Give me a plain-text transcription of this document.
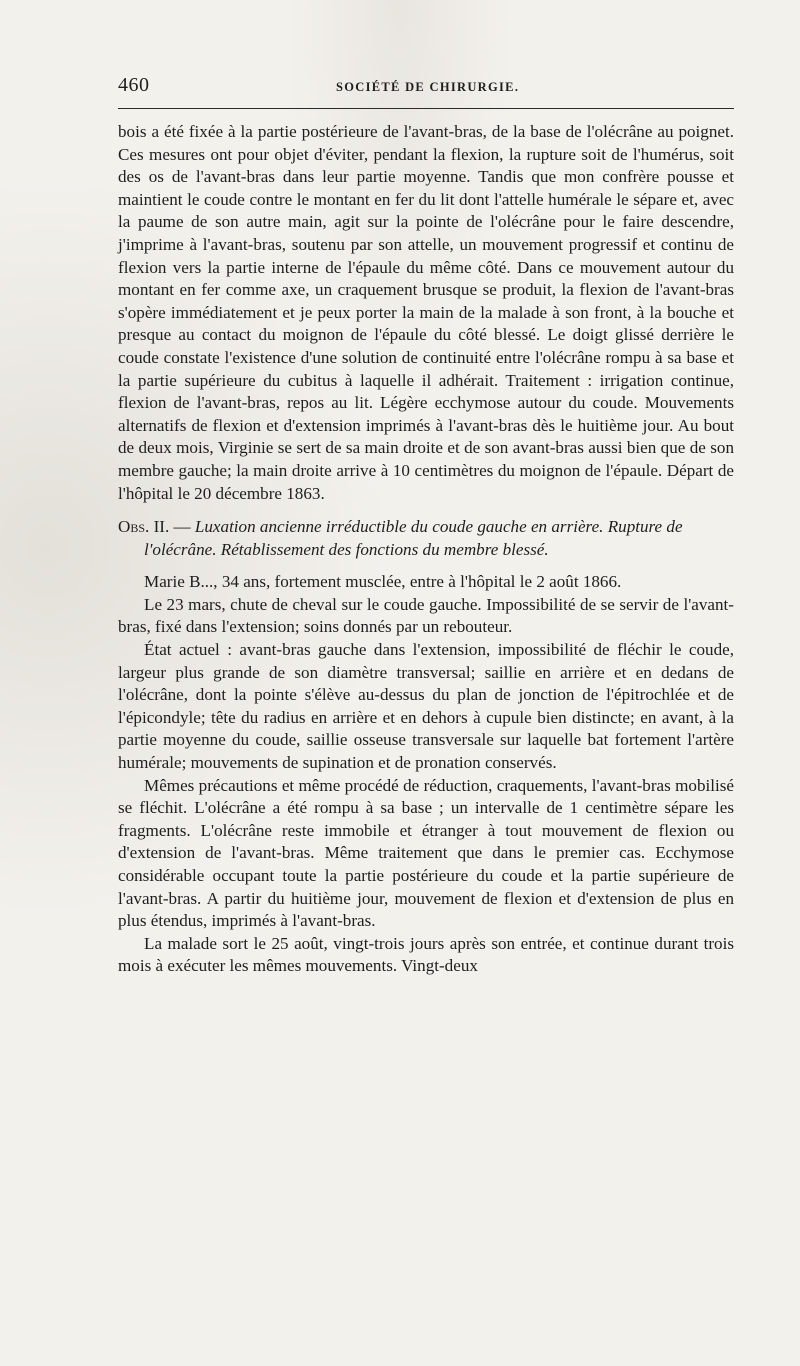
460	SOCIÉTÉ DE CHIRURGIE.

bois a été fixée à la partie postérieure de l'avant-bras, de la base de l'olécrâne au poignet. Ces mesures ont pour objet d'éviter, pendant la flexion, la rupture soit de l'humérus, soit des os de l'avant-bras dans leur partie moyenne. Tandis que mon confrère pousse et maintient le coude contre le montant en fer du lit dont l'attelle humérale le sépare et, avec la paume de son autre main, agit sur la pointe de l'olécrâne pour le faire descendre, j'imprime à l'avant-bras, soutenu par son attelle, un mouvement progressif et continu de flexion vers la partie interne de l'épaule du même côté. Dans ce mouvement autour du montant en fer comme axe, un craquement brusque se produit, la flexion de l'avant-bras s'opère immédiatement et je peux porter la main de la malade à son front, à la bouche et presque au contact du moignon de l'épaule du côté blessé. Le doigt glissé derrière le coude constate l'existence d'une solution de continuité entre l'olécrâne rompu à sa base et la partie supérieure du cubitus à laquelle il adhérait. Traitement : irrigation continue, flexion de l'avant-bras, repos au lit. Légère ecchymose autour du coude. Mouvements alternatifs de flexion et d'extension imprimés à l'avant-bras dès le huitième jour. Au bout de deux mois, Virginie se sert de sa main droite et de son avant-bras aussi bien que de son membre gauche; la main droite arrive à 10 centimètres du moignon de l'épaule. Départ de l'hôpital le 20 décembre 1863.

Obs. II. — Luxation ancienne irréductible du coude gauche en arrière. Rupture de l'olécrâne. Rétablissement des fonctions du membre blessé.

Marie B..., 34 ans, fortement musclée, entre à l'hôpital le 2 août 1866.

Le 23 mars, chute de cheval sur le coude gauche. Impossibilité de se servir de l'avant-bras, fixé dans l'extension; soins donnés par un rebouteur.

État actuel : avant-bras gauche dans l'extension, impossibilité de fléchir le coude, largeur plus grande de son diamètre transversal; saillie en arrière et en dedans de l'olécrâne, dont la pointe s'élève au-dessus du plan de jonction de l'épitrochlée et de l'épicondyle; tête du radius en arrière et en dehors à cupule bien distincte; en avant, à la partie moyenne du coude, saillie osseuse transversale sur laquelle bat fortement l'artère humérale; mouvements de supination et de pronation conservés.

Mêmes précautions et même procédé de réduction, craquements, l'avant-bras mobilisé se fléchit. L'olécrâne a été rompu à sa base ; un intervalle de 1 centimètre sépare les fragments. L'olécrâne reste immobile et étranger à tout mouvement de flexion ou d'extension de l'avant-bras. Même traitement que dans le premier cas. Ecchymose considérable occupant toute la partie postérieure du coude et la partie supérieure de l'avant-bras. A partir du huitième jour, mouvement de flexion et d'extension de plus en plus étendus, imprimés à l'avant-bras.

La malade sort le 25 août, vingt-trois jours après son entrée, et continue durant trois mois à exécuter les mêmes mouvements. Vingt-deux
